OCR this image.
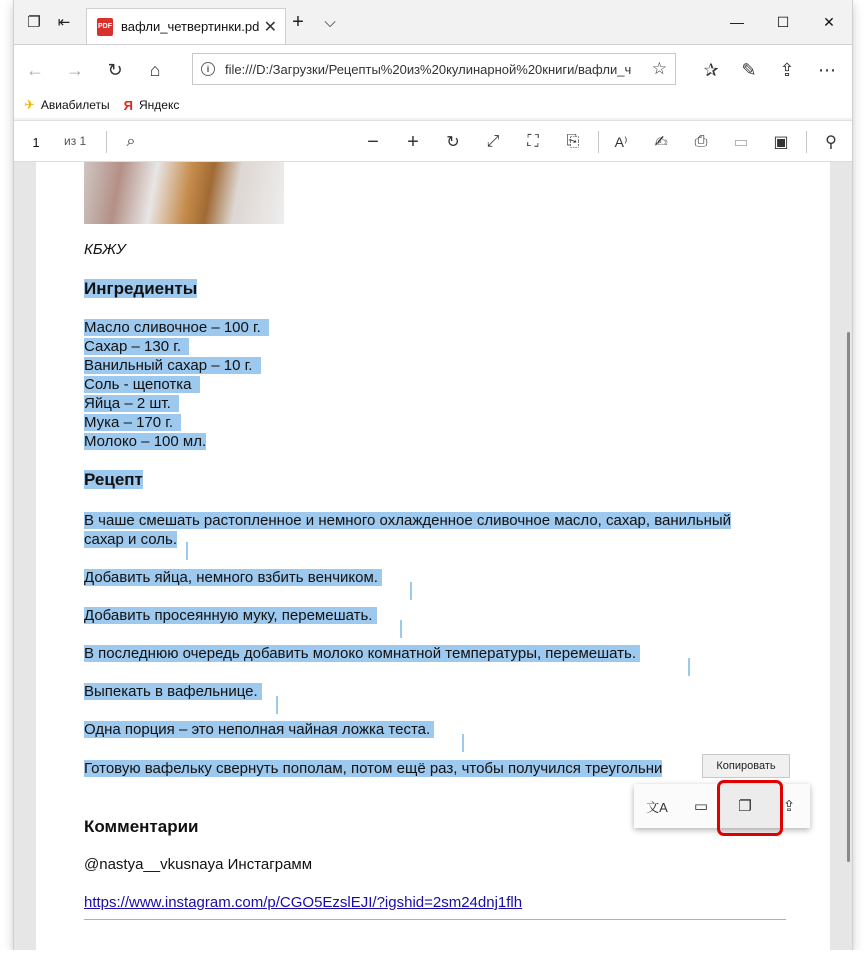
❐	⇤	PDF вафли_четвертинки.pd ✕ +	⌵	—	☐	✕
← →	↻	⌂	i	file:///D:/Загрузки/Рецепты%20из%20кулинарной%20книги/вафли_ч	☆	✰	✎	⇪	⋯
✈ Авиабилеты Я Яндекс
1	из 1	⌕	−	+	↻	⤢	⛶	⎘	A⁾	✍	⎙	▭	▣	⚲
КБЖУ
Ингредиенты
Масло сливочное – 100 г.
Сахар – 130 г.
Ванильный сахар – 10 г.
Соль - щепотка
Яйца – 2 шт.
Мука – 170 г.
Молоко – 100 мл.
Рецепт
В чаше смешать растопленное и немного охлажденное сливочное масло, сахар, ванильный
сахар и соль.
Добавить яйца, немного взбить венчиком.
Добавить просеянную муку, перемешать.
В последнюю очередь добавить молоко комнатной температуры, перемешать.
Выпекать в вафельнице.
Одна порция – это неполная чайная ложка теста.
Готовую вафельку свернуть пополам, потом ещё раз, чтобы получился треугольни
Комментарии
@nastya__vkusnaya Инстаграмм
https://www.instagram.com/p/CGO5EzslEJI/?igshid=2sm24dnj1flh
Копировать
文A	▭	❐	⇪
